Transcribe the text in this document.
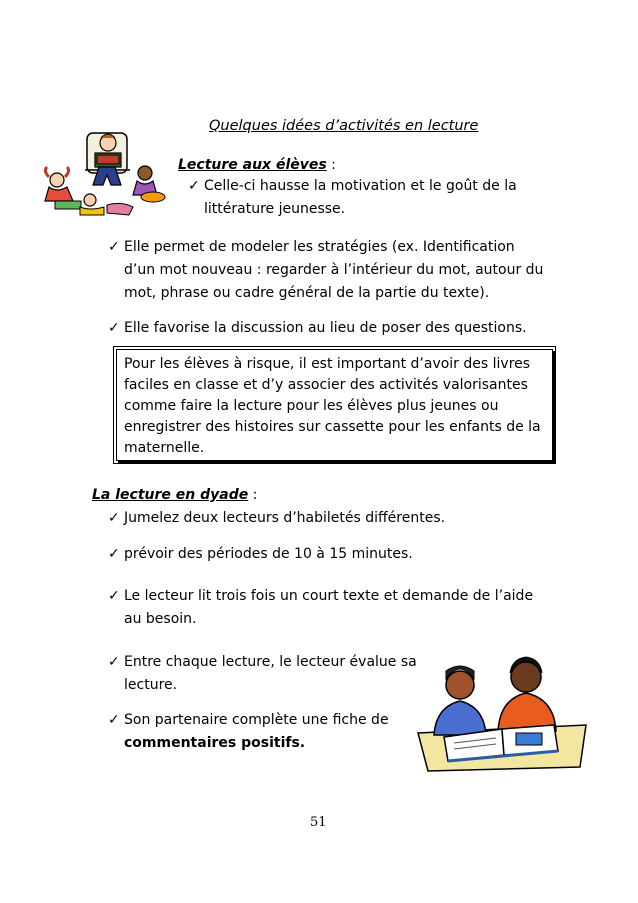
Quelques idées d’activités en lecture
Lecture aux élèves :
✓ Celle-ci hausse la motivation et le goût de la
littérature jeunesse.
✓ Elle permet de modeler les stratégies (ex. Identification
d’un mot nouveau : regarder à l’intérieur du mot, autour du
mot, phrase ou cadre général de la partie du texte).
✓ Elle favorise la discussion au lieu de poser des questions.
Pour les élèves à risque, il est important d’avoir des livres
faciles en classe et d’y associer des activités valorisantes
comme faire la lecture pour les élèves plus jeunes ou
enregistrer des histoires sur cassette pour les enfants de la
maternelle.
La lecture en dyade :
✓ Jumelez deux lecteurs d’habiletés différentes.
✓ prévoir des périodes de 10 à 15 minutes.
✓ Le lecteur lit trois fois un court texte et demande de l’aide
au besoin.
✓ Entre chaque lecture, le lecteur évalue sa
lecture.
✓ Son partenaire complète une fiche de
commentaires positifs.
51
